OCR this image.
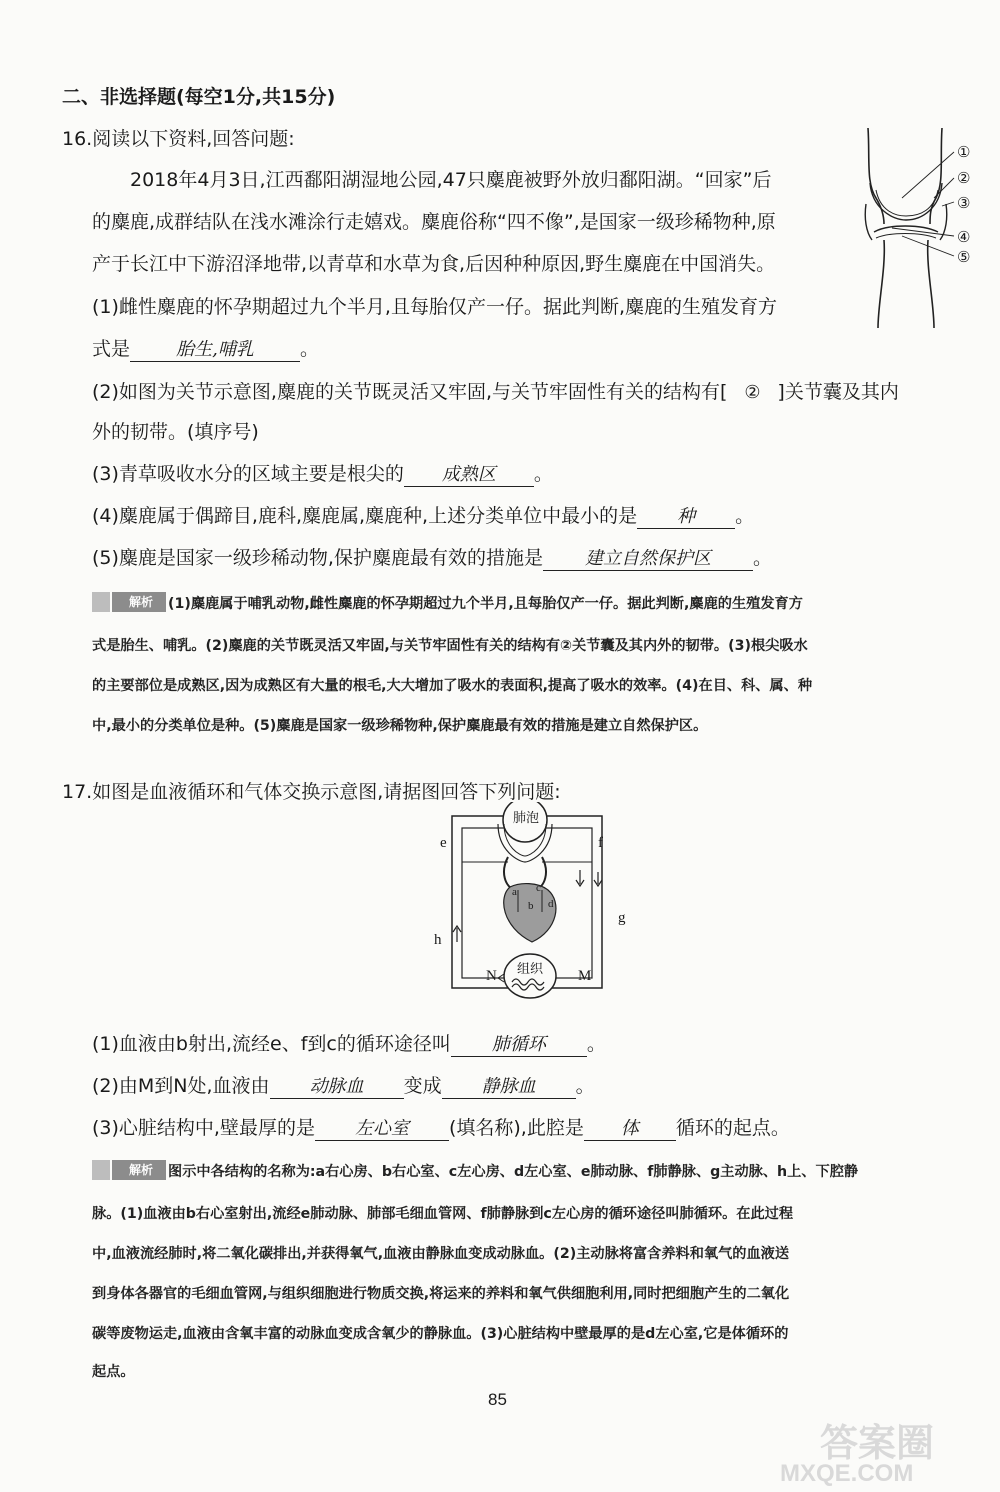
二、非选择题(每空1分,共15分)
16.阅读以下资料,回答问题:
2018年4月3日,江西鄱阳湖湿地公园,47只麋鹿被野外放归鄱阳湖。“回家”后
的麋鹿,成群结队在浅水滩涂行走嬉戏。麋鹿俗称“四不像”,是国家一级珍稀物种,原
产于长江中下游沼泽地带,以青草和水草为食,后因种种原因,野生麋鹿在中国消失。
①
②
③
④
⑤
(1)雌性麋鹿的怀孕期超过九个半月,且每胎仅产一仔。据此判断,麋鹿的生殖发育方
式是	胎生,哺乳 。
(2)如图为关节示意图,麋鹿的关节既灵活又牢固,与关节牢固性有关的结构有[ ② ]关节囊及其内
外的韧带。(填序号)
(3)青草吸收水分的区域主要是根尖的 成熟区 。
(4)麋鹿属于偶蹄目,鹿科,麋鹿属,麋鹿种,上述分类单位中最小的是 种 。
(5)麋鹿是国家一级珍稀动物,保护麋鹿最有效的措施是 建立自然保护区 。
解析 (1)麋鹿属于哺乳动物,雌性麋鹿的怀孕期超过九个半月,且每胎仅产一仔。据此判断,麋鹿的生殖发育方
式是胎生、哺乳。(2)麋鹿的关节既灵活又牢固,与关节牢固性有关的结构有②关节囊及其内外的韧带。(3)根尖吸水
的主要部位是成熟区,因为成熟区有大量的根毛,大大增加了吸水的表面积,提高了吸水的效率。(4)在目、科、属、种
中,最小的分类单位是种。(5)麋鹿是国家一级珍稀物种,保护麋鹿最有效的措施是建立自然保护区。
17.如图是血液循环和气体交换示意图,请据图回答下列问题:
肺泡
组织
e	f
g
h
a
b
c
d
N	M
(1)血液由b射出,流经e、f到c的循环途径叫 肺循环 。
(2)由M到N处,血液由 动脉血 变成 静脉血 。
(3)心脏结构中,壁最厚的是 左心室 (填名称),此腔是 体 循环的起点。
解析 图示中各结构的名称为:a右心房、b右心室、c左心房、d左心室、e肺动脉、f肺静脉、g主动脉、h上、下腔静
脉。(1)血液由b右心室射出,流经e肺动脉、肺部毛细血管网、f肺静脉到c左心房的循环途径叫肺循环。在此过程
中,血液流经肺时,将二氧化碳排出,并获得氧气,血液由静脉血变成动脉血。(2)主动脉将富含养料和氧气的血液送
到身体各器官的毛细血管网,与组织细胞进行物质交换,将运来的养料和氧气供细胞利用,同时把细胞产生的二氧化
碳等废物运走,血液由含氧丰富的动脉血变成含氧少的静脉血。(3)心脏结构中壁最厚的是d左心室,它是体循环的
起点。
85
答案圈
MXQE.COM
